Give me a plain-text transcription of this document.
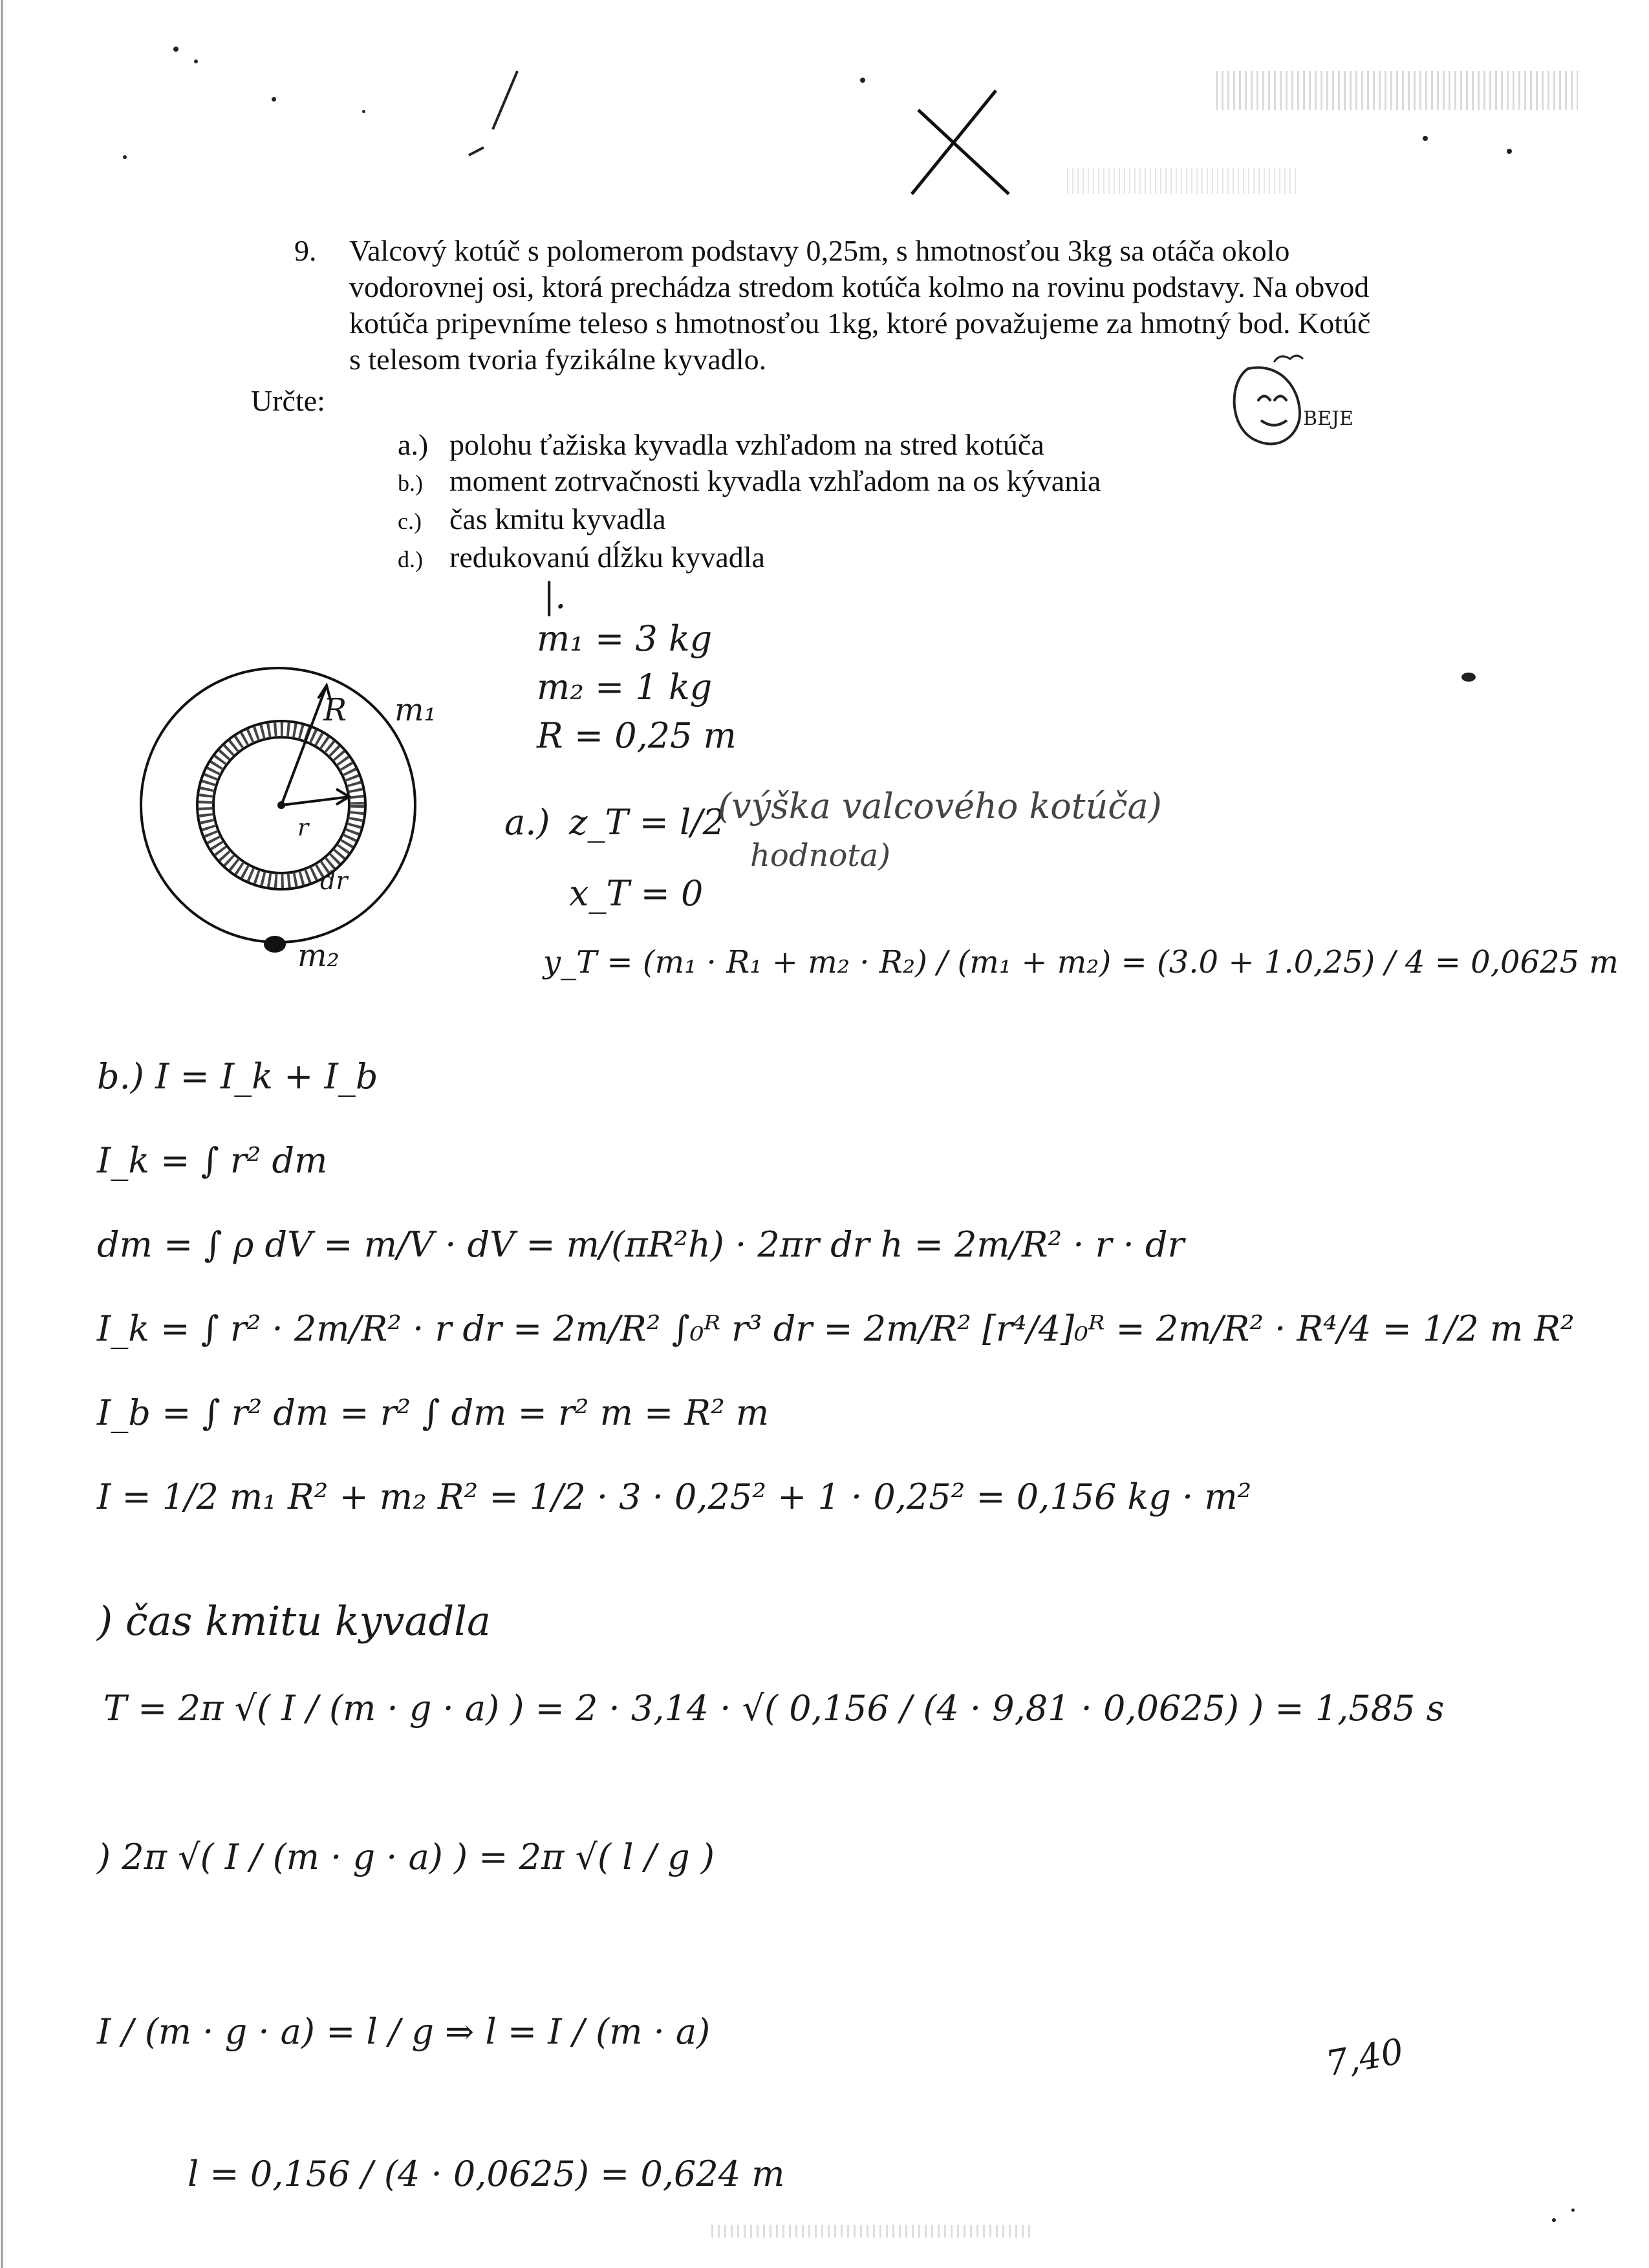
9. Valcový kotúč s polomerom podstavy 0,25m, s hmotnosťou 3kg sa otáča okolo
vodorovnej osi, ktorá prechádza stredom kotúča kolmo na rovinu podstavy. Na obvod
kotúča pripevníme teleso s hmotnosťou 1kg, ktoré považujeme za hmotný bod. Kotúč
s telesom tvoria fyzikálne kyvadlo.
Určte:
a.) polohu ťažiska kyvadla vzhľadom na stred kotúča
b.) moment zotrvačnosti kyvadla vzhľadom na os kývania
c.) čas kmitu kyvadla
d.) redukovanú dĺžku kyvadla
BEJE
|.
m₁ = 3 kg
m₂ = 1 kg
R = 0,25 m
R
r
dr
m₁
m₂
a.) z_T = l/2
(výška valcového kotúča)
hodnota)
x_T = 0
y_T = (m₁ · R₁ + m₂ · R₂) / (m₁ + m₂) = (3.0 + 1.0,25) / 4 = 0,0625 m
b.) I = I_k + I_b
I_k = ∫ r² dm
dm = ∫ ρ dV = m/V · dV = m/(πR²h) · 2πr dr h = 2m/R² · r · dr
I_k = ∫ r² · 2m/R² · r dr = 2m/R² ∫₀ᴿ r³ dr = 2m/R² [r⁴/4]₀ᴿ = 2m/R² · R⁴/4 = 1/2 m R²
I_b = ∫ r² dm = r² ∫ dm = r² m = R² m
I = 1/2 m₁ R² + m₂ R² = 1/2 · 3 · 0,25² + 1 · 0,25² = 0,156 kg · m²
) čas kmitu kyvadla
T = 2π √( I / (m · g · a) ) = 2 · 3,14 · √( 0,156 / (4 · 9,81 · 0,0625) ) = 1,585 s
) 2π √( I / (m · g · a) ) = 2π √( l / g )
I / (m · g · a) = l / g ⇒ l = I / (m · a)
l = 0,156 / (4 · 0,0625) = 0,624 m
7,40
